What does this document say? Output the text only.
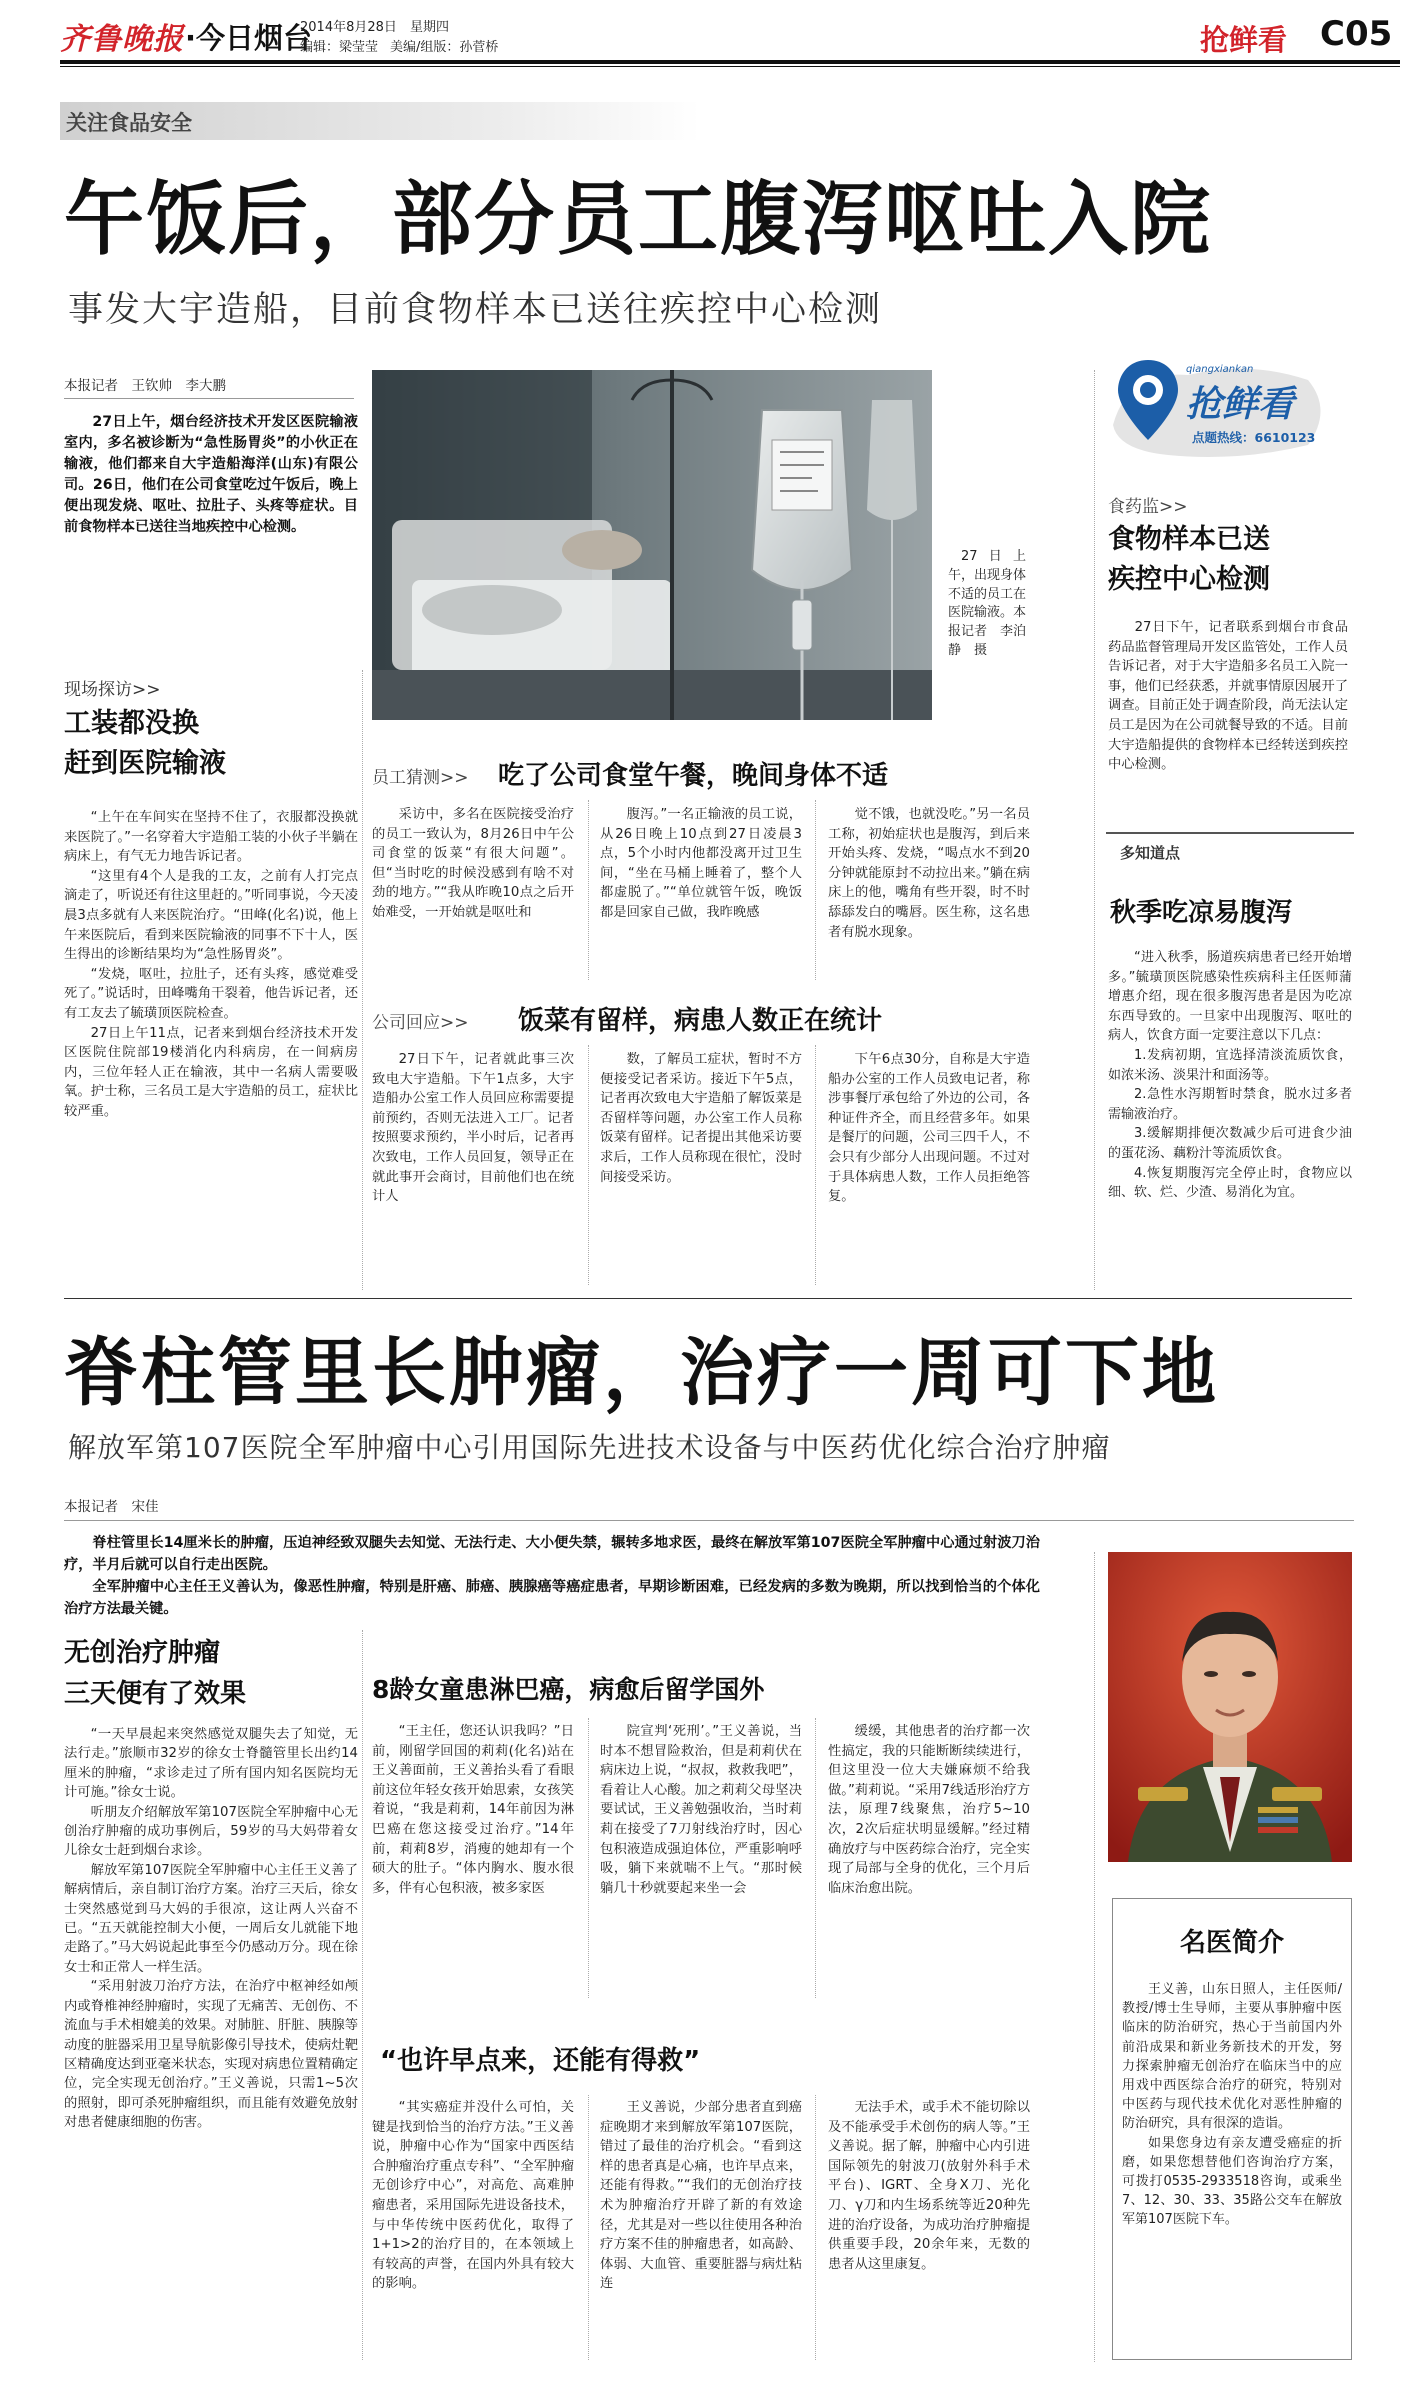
齐鲁晚报 ·今日烟台
2014年8月28日 星期四
编辑：梁莹莹 美编/组版：孙菅桥	抢鲜看 C05
关注食品安全
午饭后，部分员工腹泻呕吐入院
事发大宇造船，目前食物样本已送往疾控中心检测
本报记者　王钦帅　李大鹏

27日上午，烟台经济技术开发区医院输液室内，多名被诊断为“急性肠胃炎”的小伙正在输液，他们都来自大宇造船海洋(山东)有限公司。26日，他们在公司食堂吃过午饭后，晚上便出现发烧、呕吐、拉肚子、头疼等症状。目前食物样本已送往当地疾控中心检测。

27日上午，出现身体不适的员工在医院输液。本报记者　李泊静　摄

现场探访>>
工装都没换
赶到医院输液

“上午在车间实在坚持不住了，衣服都没换就来医院了。”一名穿着大宇造船工装的小伙子半躺在病床上，有气无力地告诉记者。

“这里有4个人是我的工友，之前有人打完点滴走了，听说还有往这里赶的。”听同事说，今天凌晨3点多就有人来医院治疗。“田峰(化名)说，他上午来医院后，看到来医院输液的同事不下十人，医生得出的诊断结果均为“急性肠胃炎”。

“发烧，呕吐，拉肚子，还有头疼，感觉难受死了。”说话时，田峰嘴角干裂着，他告诉记者，还有工友去了毓璜顶医院检查。

27日上午11点，记者来到烟台经济技术开发区医院住院部19楼消化内科病房，在一间病房内，三位年轻人正在输液，其中一名病人需要吸氧。护士称，三名员工是大宇造船的员工，症状比较严重。

员工猜测>> 吃了公司食堂午餐，晚间身体不适

采访中，多名在医院接受治疗的员工一致认为，8月26日中午公司食堂的饭菜“有很大问题”。但“当时吃的时候没感到有啥不对劲的地方。”“我从昨晚10点之后开始难受，一开始就是呕吐和

腹泻。”一名正输液的员工说，从26日晚上10点到27日凌晨3点，5个小时内他都没离开过卫生间，“坐在马桶上睡着了，整个人都虚脱了。”“单位就管午饭，晚饭都是回家自己做，我昨晚感

觉不饿，也就没吃。”另一名员工称，初始症状也是腹泻，到后来开始头疼、发烧，“喝点水不到20分钟就能原封不动拉出来。”躺在病床上的他，嘴角有些开裂，时不时舔舔发白的嘴唇。医生称，这名患者有脱水现象。

公司回应>> 饭菜有留样，病患人数正在统计

27日下午，记者就此事三次致电大宇造船。下午1点多，大宇造船办公室工作人员回应称需要提前预约，否则无法进入工厂。记者按照要求预约，半小时后，记者再次致电，工作人员回复，领导正在就此事开会商讨，目前他们也在统计人

数，了解员工症状，暂时不方便接受记者采访。接近下午5点，记者再次致电大宇造船了解饭菜是否留样等问题，办公室工作人员称饭菜有留样。记者提出其他采访要求后，工作人员称现在很忙，没时间接受采访。

下午6点30分，自称是大宇造船办公室的工作人员致电记者，称涉事餐厅承包给了外边的公司，各种证件齐全，而且经营多年。如果是餐厅的问题，公司三四千人，不会只有少部分人出现问题。不过对于具体病患人数，工作人员拒绝答复。

qiangxiankan
抢鲜看
点题热线：6610123
食药监>>
食物样本已送
疾控中心检测

27日下午，记者联系到烟台市食品药品监督管理局开发区监管处，工作人员告诉记者，对于大宇造船多名员工入院一事，他们已经获悉，并就事情原因展开了调查。目前正处于调查阶段，尚无法认定员工是因为在公司就餐导致的不适。目前大宇造船提供的食物样本已经转送到疾控中心检测。

多知道点
秋季吃凉易腹泻

“进入秋季，肠道疾病患者已经开始增多。”毓璜顶医院感染性疾病科主任医师蒲增惠介绍，现在很多腹泻患者是因为吃凉东西导致的。一旦家中出现腹泻、呕吐的病人，饮食方面一定要注意以下几点：

1.发病初期，宜选择清淡流质饮食，如浓米汤、淡果汁和面汤等。

2.急性水泻期暂时禁食，脱水过多者需输液治疗。

3.缓解期排便次数减少后可进食少油的蛋花汤、藕粉汁等流质饮食。

4.恢复期腹泻完全停止时，食物应以细、软、烂、少渣、易消化为宜。

脊柱管里长肿瘤，治疗一周可下地
解放军第107医院全军肿瘤中心引用国际先进技术设备与中医药优化综合治疗肿瘤
本报记者　宋佳

脊柱管里长14厘米长的肿瘤，压迫神经致双腿失去知觉、无法行走、大小便失禁，辗转多地求医，最终在解放军第107医院全军肿瘤中心通过射波刀治疗，半月后就可以自行走出医院。

全军肿瘤中心主任王义善认为，像恶性肿瘤，特别是肝癌、肺癌、胰腺癌等癌症患者，早期诊断困难，已经发病的多数为晚期，所以找到恰当的个体化治疗方法最关键。

无创治疗肿瘤
三天便有了效果

“一天早晨起来突然感觉双腿失去了知觉，无法行走。”旅顺市32岁的徐女士脊髓管里长出约14厘米的肿瘤，“求诊走过了所有国内知名医院均无计可施。”徐女士说。

听朋友介绍解放军第107医院全军肿瘤中心无创治疗肿瘤的成功事例后，59岁的马大妈带着女儿徐女士赶到烟台求诊。

解放军第107医院全军肿瘤中心主任王义善了解病情后，亲自制订治疗方案。治疗三天后，徐女士突然感觉到马大妈的手很凉，这让两人兴奋不已。“五天就能控制大小便，一周后女儿就能下地走路了。”马大妈说起此事至今仍感动万分。现在徐女士和正常人一样生活。

“采用射波刀治疗方法，在治疗中枢神经如颅内或脊椎神经肿瘤时，实现了无痛苦、无创伤、不流血与手术相媲美的效果。对肺脏、肝脏、胰腺等动度的脏器采用卫星导航影像引导技术，使病灶靶区精确度达到亚毫米状态，实现对病患位置精确定位，完全实现无创治疗。”王义善说，只需1~5次的照射，即可杀死肿瘤组织，而且能有效避免放射对患者健康细胞的伤害。

8龄女童患淋巴癌，病愈后留学国外

“王主任，您还认识我吗？”日前，刚留学回国的莉莉(化名)站在王义善面前，王义善抬头看了看眼前这位年轻女孩开始思索，女孩笑着说，“我是莉莉，14年前因为淋巴癌在您这接受过治疗。”14年前，莉莉8岁，消瘦的她却有一个硕大的肚子。“体内胸水、腹水很多，伴有心包积液，被多家医

院宣判‘死刑’。”王义善说，当时本不想冒险救治，但是莉莉伏在病床边上说，“叔叔，救救我吧”，看着让人心酸。加之莉莉父母坚决要试试，王义善勉强收治，当时莉莉在接受了7刀射线治疗时，因心包积液造成强迫体位，严重影响呼吸，躺下来就喘不上气。“那时候躺几十秒就要起来坐一会

缓缓，其他患者的治疗都一次性搞定，我的只能断断续续进行，但这里没一位大夫嫌麻烦不给我做。”莉莉说。“采用7线适形治疗方法，原理7线聚焦，治疗5~10次，2次后症状明显缓解。”经过精确放疗与中医药综合治疗，完全实现了局部与全身的优化，三个月后临床治愈出院。

“也许早点来，还能有得救”

“其实癌症并没什么可怕，关键是找到恰当的治疗方法。”王义善说，肿瘤中心作为“国家中西医结合肿瘤治疗重点专科”、“全军肿瘤无创诊疗中心”，对高危、高难肿瘤患者，采用国际先进设备技术，与中华传统中医药优化，取得了1+1>2的治疗目的，在本领域上有较高的声誉，在国内外具有较大的影响。

王义善说，少部分患者直到癌症晚期才来到解放军第107医院，错过了最佳的治疗机会。“看到这样的患者真是心痛，也许早点来，还能有得救。”“我们的无创治疗技术为肿瘤治疗开辟了新的有效途径，尤其是对一些以往使用各种治疗方案不佳的肿瘤患者，如高龄、体弱、大血管、重要脏器与病灶粘连

无法手术，或手术不能切除以及不能承受手术创伤的病人等。”王义善说。据了解，肿瘤中心内引进国际领先的射波刀(放射外科手术平台)、IGRT、全身X刀、光化刀、γ刀和内生场系统等近20种先进的治疗设备，为成功治疗肿瘤提供重要手段，20余年来，无数的患者从这里康复。

名医简介

王义善，山东日照人，主任医师/教授/博士生导师，主要从事肿瘤中医临床的防治研究，热心于当前国内外前沿成果和新业务新技术的开发，努力探索肿瘤无创治疗在临床当中的应用戏中西医综合治疗的研究，特别对中医药与现代技术优化对恶性肿瘤的防治研究，具有很深的造诣。

如果您身边有亲友遭受癌症的折磨，如果您想替他们咨询治疗方案，可拨打0535-2933518咨询，或乘坐7、12、30、33、35路公交车在解放军第107医院下车。
